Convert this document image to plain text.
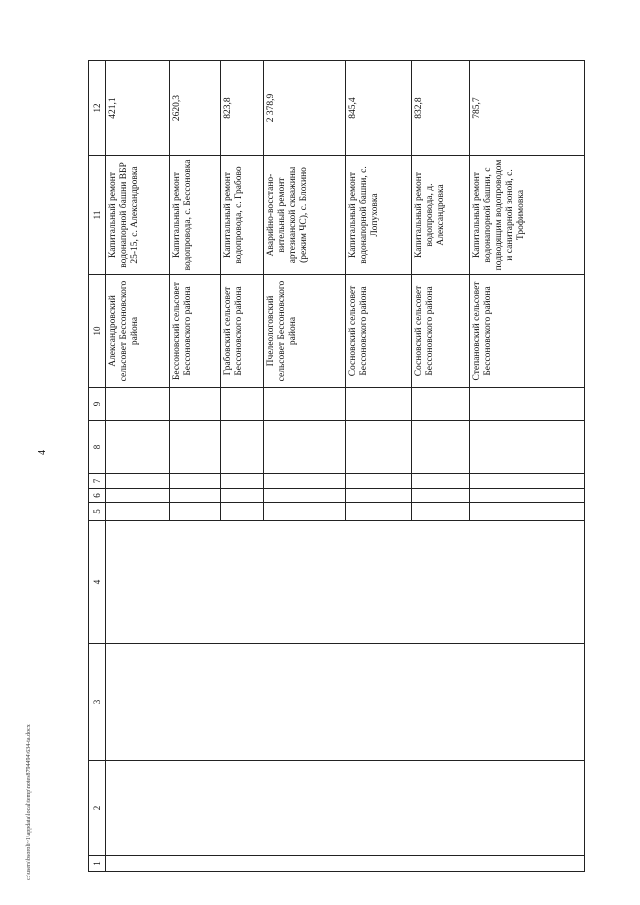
4
1	2	3	4	5	6	7	8	9	10	11	12
									Александровский сельсовет Бессоновского района	Капитальный ремонт водонапорной башни ВБР 25-15, с. Александровка	421,1
									Бессоновский сельсовет Бессоновского района	Капитальный ремонт водопровода, с. Бессоновка	2620,3
									Грабовский сельсовет Бессоновского района	Капитальный ремонт водопровода, с. Грабово	823,8
									Пчелеологовский сельсовет Бессоновского района	Аварийно-восстано-вительный ремонт артезианской скважины (режим ЧС), с. Блохино	2 378,9
									Сосновский сельсовет Бессоновского района	Капитальный ремонт водонапорной башни, с. Лопуховка	845,4
									Сосновский сельсовет Бессоновского района	Капитальный ремонт водопровода, д. Александровка	832,8
									Степановский сельсовет Бессоновского района	Капитальный ремонт водонапорной башни, с подводящим водопроводом и санитарной зоной, с. Трофимовка	785,7
c:\users\bsoroli~1\appdata\local\temp\notes8794494\634-ta.docx
